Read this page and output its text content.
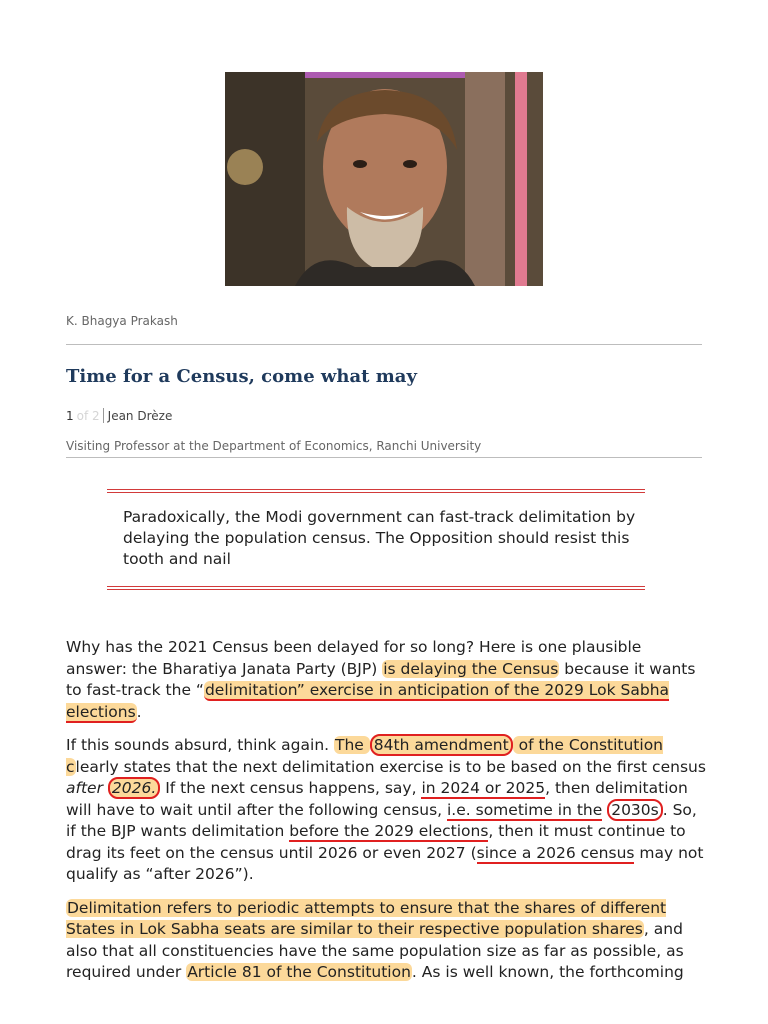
K. Bhagya Prakash
Time for a Census, come what may
1 of 2 Jean Drèze
Visiting Professor at the Department of Economics, Ranchi University

Paradoxically, the Modi government can fast-track delimitation by delaying the population census. The Opposition should resist this tooth and nail

Why has the 2021 Census been delayed for so long? Here is one plausible answer: the Bharatiya Janata Party (BJP) is delaying the Census because it wants to fast-track the “delimitation” exercise in anticipation of the 2029 Lok Sabha elections.

If this sounds absurd, think again. The 84th amendment of the Constitution clearly states that the next delimitation exercise is to be based on the first census after 2026. If the next census happens, say, in 2024 or 2025, then delimitation will have to wait until after the following census, i.e. sometime in the 2030s . So, if the BJP wants delimitation before the 2029 elections, then it must continue to drag its feet on the census until 2026 or even 2027 (since a 2026 census may not qualify as “after 2026”).

Delimitation refers to periodic attempts to ensure that the shares of different States in Lok Sabha seats are similar to their respective population shares, and also that all constituencies have the same population size as far as possible, as required under Article 81 of the Constitution. As is well known, the forthcoming
